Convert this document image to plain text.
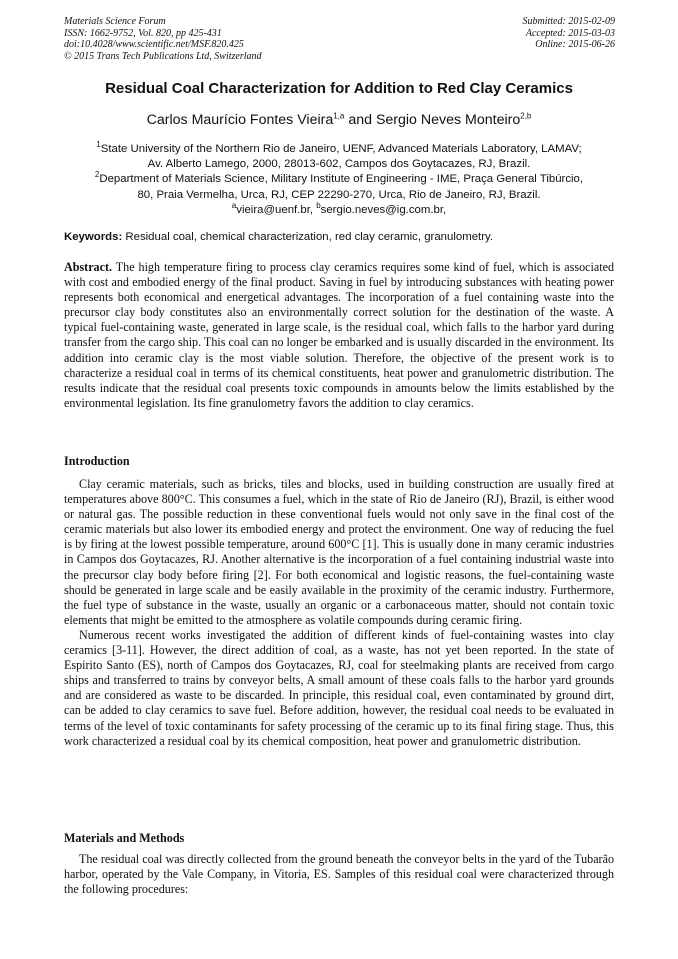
Materials Science Forum
ISSN: 1662-9752, Vol. 820, pp 425-431
doi:10.4028/www.scientific.net/MSF.820.425
© 2015 Trans Tech Publications Ltd, Switzerland
Submitted: 2015-02-09
Accepted: 2015-03-03
Online: 2015-06-26
Residual Coal Characterization for Addition to Red Clay Ceramics
Carlos Maurício Fontes Vieira$^{1,a}$ and Sergio Neves Monteiro$^{2,b}$
$^1$State University of the Northern Rio de Janeiro, UENF, Advanced Materials Laboratory, LAMAV;
Av. Alberto Lamego, 2000, 28013-602, Campos dos Goytacazes, RJ, Brazil.
$^2$Department of Materials Science, Military Institute of Engineering - IME, Praça General Tibúrcio,
80, Praia Vermelha, Urca, RJ, CEP 22290-270, Urca, Rio de Janeiro, RJ, Brazil.
$^a$vieira@uenf.br, $^b$sergio.neves@ig.com.br,
Keywords: Residual coal, chemical characterization, red clay ceramic, granulometry.

Abstract. The high temperature firing to process clay ceramics requires some kind of fuel, which is associated with cost and embodied energy of the final product. Saving in fuel by introducing substances with heating power represents both economical and energetical advantages. The incorporation of a fuel containing waste into the precursor clay body constitutes also an environmentally correct solution for the destination of the waste. A typical fuel-containing waste, generated in large scale, is the residual coal, which falls to the harbor yard during transfer from the cargo ship. This coal can no longer be embarked and is usually discarded in the environment. Its addition into ceramic clay is the most viable solution. Therefore, the objective of the present work is to characterize a residual coal in terms of its chemical constituents, heat power and granulometric distribution. The results indicate that the residual coal presents toxic compounds in amounts below the limits established by the environmental legislation. Its fine granulometry favors the addition to clay ceramics.

Introduction

Clay ceramic materials, such as bricks, tiles and blocks, used in building construction are usually fired at temperatures above 800°C. This consumes a fuel, which in the state of Rio de Janeiro (RJ), Brazil, is either wood or natural gas. The possible reduction in these conventional fuels would not only save in the final cost of the ceramic materials but also lower its embodied energy and protect the environment. One way of reducing the fuel is by firing at the lowest possible temperature, around 600°C [1]. This is usually done in many ceramic industries in Campos dos Goytacazes, RJ. Another alternative is the incorporation of a fuel containing industrial waste into the precursor clay body before firing [2]. For both economical and logistic reasons, the fuel-containing waste should be generated in large scale and be easily available in the proximity of the ceramic industry. Furthermore, the fuel type of substance in the waste, usually an organic or a carbonaceous matter, should not contain toxic elements that might be emitted to the atmosphere as volatile compounds during ceramic firing.

Numerous recent works investigated the addition of different kinds of fuel-containing wastes into clay ceramics [3-11]. However, the direct addition of coal, as a waste, has not yet been reported. In the state of Espirito Santo (ES), north of Campos dos Goytacazes, RJ, coal for steelmaking plants are received from cargo ships and transferred to trains by conveyor belts, A small amount of these coals falls to the harbor yard grounds and are considered as waste to be discarded. In principle, this residual coal, even contaminated by ground dirt, can be added to clay ceramics to save fuel. Before addition, however, the residual coal needs to be evaluated in terms of the level of toxic contaminants for safety processing of the ceramic up to its final firing stage. Thus, this work characterized a residual coal by its chemical composition, heat power and granulometric distribution.

Materials and Methods

The residual coal was directly collected from the ground beneath the conveyor belts in the yard of the Tubarão harbor, operated by the Vale Company, in Vitoria, ES. Samples of this residual coal were characterized through the following procedures:
